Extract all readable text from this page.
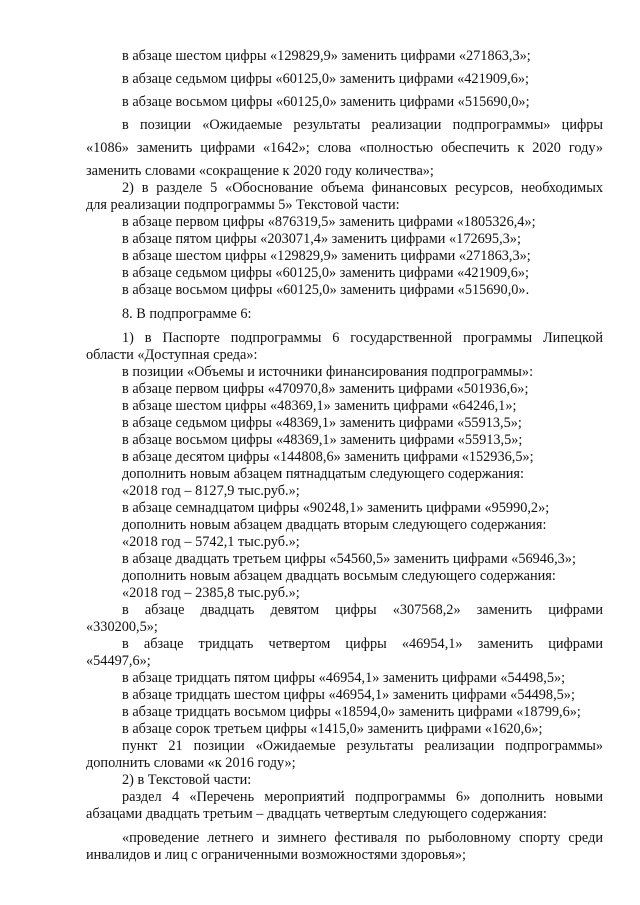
в абзаце шестом цифры «129829,9» заменить цифрами «271863,3»;
в абзаце седьмом цифры «60125,0» заменить цифрами «421909,6»;
в абзаце восьмом цифры «60125,0» заменить цифрами «515690,0»;
в позиции «Ожидаемые результаты реализации подпрограммы» цифры
«1086» заменить цифрами «1642»; слова «полностью обеспечить к 2020 году»
заменить словами «сокращение к 2020 году количества»;
2) в разделе 5 «Обоснование объема финансовых ресурсов, необходимых
для реализации подпрограммы 5» Текстовой части:
в абзаце первом цифры «876319,5» заменить цифрами «1805326,4»;
в абзаце пятом цифры «203071,4» заменить цифрами «172695,3»;
в абзаце шестом цифры «129829,9» заменить цифрами «271863,3»;
в абзаце седьмом цифры «60125,0» заменить цифрами «421909,6»;
в абзаце восьмом цифры «60125,0» заменить цифрами «515690,0».
8. В подпрограмме 6:
1) в Паспорте подпрограммы 6 государственной программы Липецкой
области «Доступная среда»:
в позиции «Объемы и источники финансирования подпрограммы»:
в абзаце первом цифры «470970,8» заменить цифрами «501936,6»;
в абзаце шестом цифры «48369,1» заменить цифрами «64246,1»;
в абзаце седьмом цифры «48369,1» заменить цифрами «55913,5»;
в абзаце восьмом цифры «48369,1» заменить цифрами «55913,5»;
в абзаце десятом цифры «144808,6» заменить цифрами «152936,5»;
дополнить новым абзацем пятнадцатым следующего содержания:
«2018 год – 8127,9 тыс.руб.»;
в абзаце семнадцатом цифры «90248,1» заменить цифрами «95990,2»;
дополнить новым абзацем двадцать вторым следующего содержания:
«2018 год – 5742,1 тыс.руб.»;
в абзаце двадцать третьем цифры «54560,5» заменить цифрами «56946,3»;
дополнить новым абзацем двадцать восьмым следующего содержания:
«2018 год – 2385,8 тыс.руб.»;
в абзаце двадцать девятом цифры «307568,2» заменить цифрами
«330200,5»;
в абзаце тридцать четвертом цифры «46954,1» заменить цифрами
«54497,6»;
в абзаце тридцать пятом цифры «46954,1» заменить цифрами «54498,5»;
в абзаце тридцать шестом цифры «46954,1» заменить цифрами «54498,5»;
в абзаце тридцать восьмом цифры «18594,0» заменить цифрами «18799,6»;
в абзаце сорок третьем цифры «1415,0» заменить цифрами «1620,6»;
пункт 21 позиции «Ожидаемые результаты реализации подпрограммы»
дополнить словами «к 2016 году»;
2) в Текстовой части:
раздел 4 «Перечень мероприятий подпрограммы 6» дополнить новыми
абзацами двадцать третьим – двадцать четвертым следующего содержания:
«проведение летнего и зимнего фестиваля по рыболовному спорту среди
инвалидов и лиц с ограниченными возможностями здоровья»;
